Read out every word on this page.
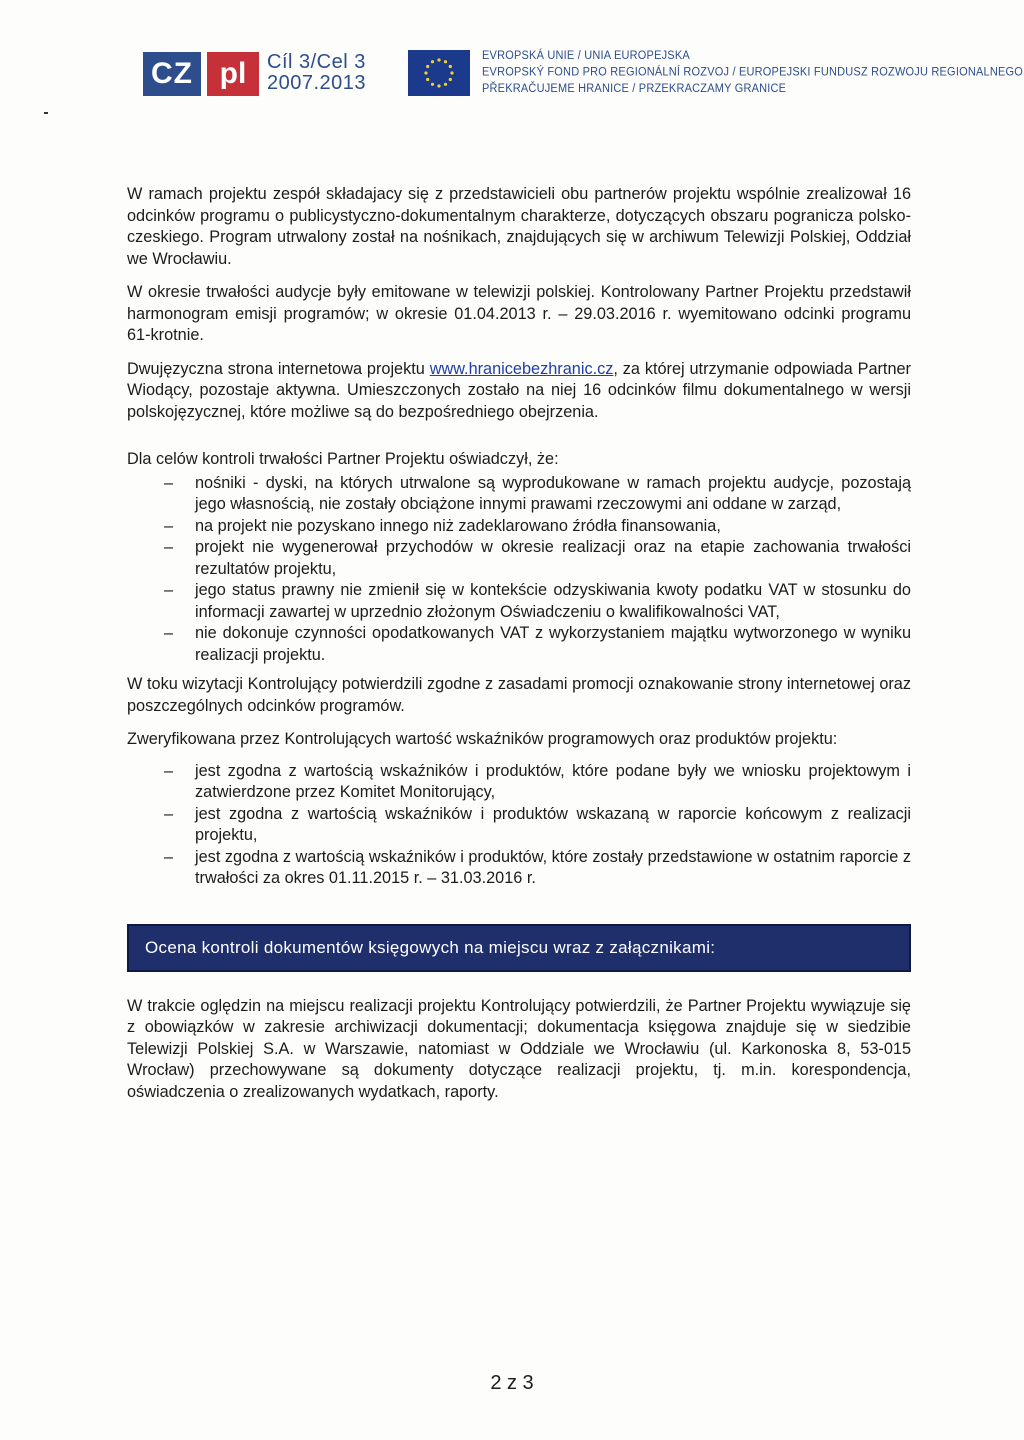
CZ pl	Cíl 3/Cel 3
2007.2013
EVROPSKÁ UNIE / UNIA EUROPEJSKA
EVROPSKÝ FOND PRO REGIONÁLNÍ ROZVOJ / EUROPEJSKI FUNDUSZ ROZWOJU REGIONALNEGO
PŘEKRAČUJEME HRANICE / PRZEKRACZAMY GRANICE

W ramach projektu zespół składajacy się z przedstawicieli obu partnerów projektu wspólnie zrealizował 16 odcinków programu o publicystyczno-dokumentalnym charakterze, dotyczących obszaru pogranicza polsko-czeskiego. Program utrwalony został na nośnikach, znajdujących się w archiwum Telewizji Polskiej, Oddział we Wrocławiu.

W okresie trwałości audycje były emitowane w telewizji polskiej. Kontrolowany Partner Projektu przedstawił harmonogram emisji programów; w okresie 01.04.2013 r. – 29.03.2016 r. wyemitowano odcinki programu 61-krotnie.

Dwujęzyczna strona internetowa projektu www.hranicebezhranic.cz, za której utrzymanie odpowiada Partner Wiodący, pozostaje aktywna. Umieszczonych zostało na niej 16 odcinków filmu dokumentalnego w wersji polskojęzycznej, które możliwe są do bezpośredniego obejrzenia.

Dla celów kontroli trwałości Partner Projektu oświadczył, że:

– nośniki - dyski, na których utrwalone są wyprodukowane w ramach projektu audycje, pozostają jego własnością, nie zostały obciążone innymi prawami rzeczowymi ani oddane w zarząd,
– na projekt nie pozyskano innego niż zadeklarowano źródła finansowania,
– projekt nie wygenerował przychodów w okresie realizacji oraz na etapie zachowania trwałości rezultatów projektu,
– jego status prawny nie zmienił się w kontekście odzyskiwania kwoty podatku VAT w stosunku do informacji zawartej w uprzednio złożonym Oświadczeniu o kwalifikowalności VAT,
– nie dokonuje czynności opodatkowanych VAT z wykorzystaniem majątku wytworzonego w wyniku realizacji projektu.

W toku wizytacji Kontrolujący potwierdzili zgodne z zasadami promocji oznakowanie strony internetowej oraz poszczególnych odcinków programów.

Zweryfikowana przez Kontrolujących wartość wskaźników programowych oraz produktów projektu:

– jest zgodna z wartością wskaźników i produktów, które podane były we wniosku projektowym i zatwierdzone przez Komitet Monitorujący,
– jest zgodna z wartością wskaźników i produktów wskazaną w raporcie końcowym z realizacji projektu,
– jest zgodna z wartością wskaźników i produktów, które zostały przedstawione w ostatnim raporcie z trwałości za okres 01.11.2015 r. – 31.03.2016 r.
Ocena kontroli dokumentów księgowych na miejscu wraz z załącznikami:

W trakcie oględzin na miejscu realizacji projektu Kontrolujący potwierdzili, że Partner Projektu wywiązuje się z obowiązków w zakresie archiwizacji dokumentacji; dokumentacja księgowa znajduje się w siedzibie Telewizji Polskiej S.A. w Warszawie, natomiast w Oddziale we Wrocławiu (ul. Karkonoska 8, 53-015 Wrocław) przechowywane są dokumenty dotyczące realizacji projektu, tj. m.in. korespondencja, oświadczenia o zrealizowanych wydatkach, raporty.

2 z 3
